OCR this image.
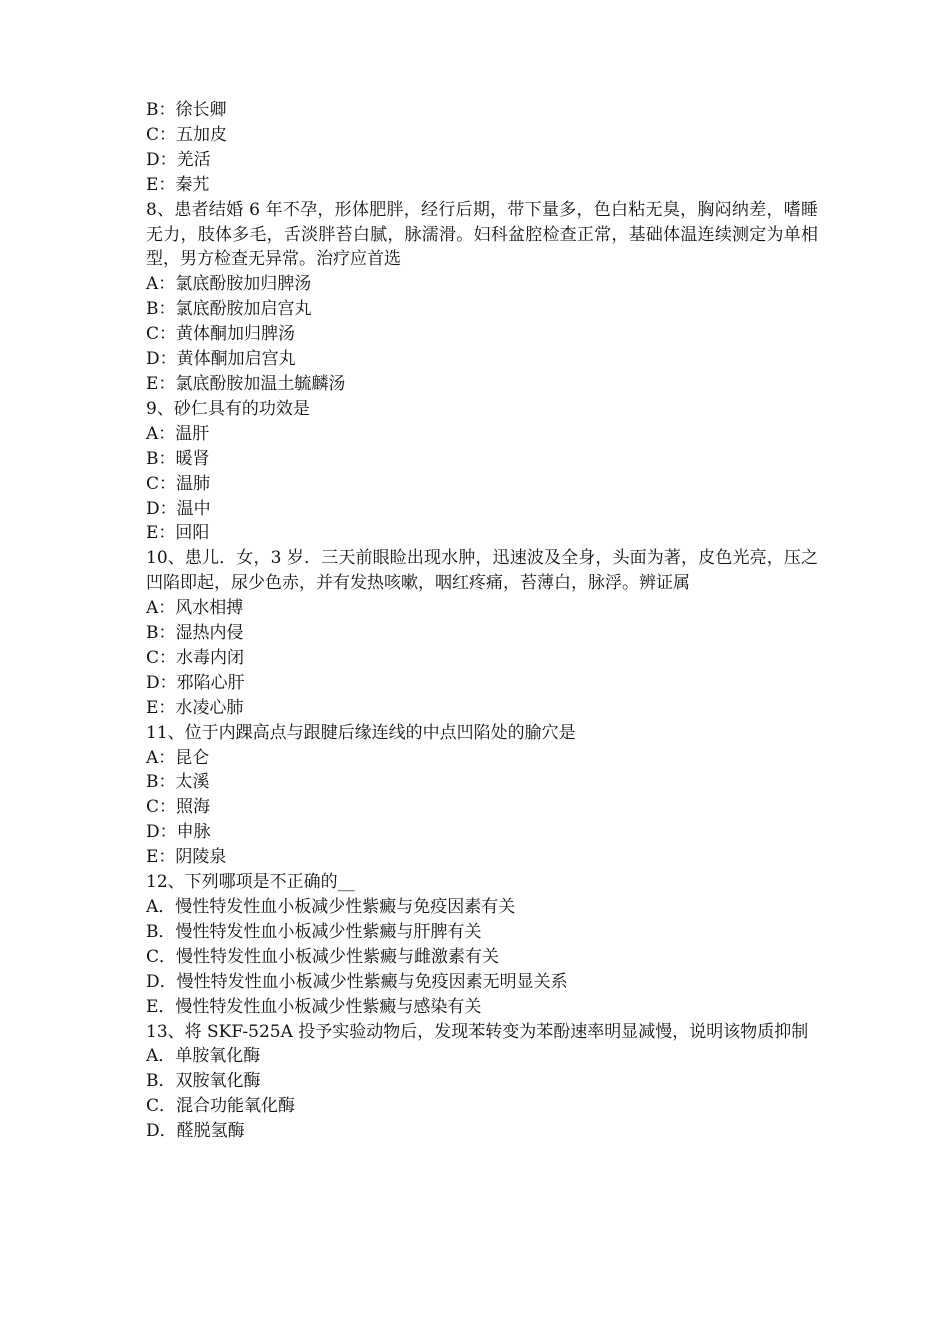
B：徐长卿

C：五加皮

D：羌活

E：秦艽

8、患者结婚 6 年不孕，形体肥胖，经行后期，带下量多，色白粘无臭，胸闷纳差，嗜睡无力，肢体多毛，舌淡胖苔白腻，脉濡滑。妇科盆腔检查正常，基础体温连续测定为单相型，男方检查无异常。治疗应首选

A：氯底酚胺加归脾汤

B：氯底酚胺加启宫丸

C：黄体酮加归脾汤

D：黄体酮加启宫丸

E：氯底酚胺加温土毓麟汤

9、砂仁具有的功效是

A：温肝

B：暖肾

C：温肺

D：温中

E：回阳

10、患儿．女，3 岁．三天前眼睑出现水肿，迅速波及全身，头面为著，皮色光亮，压之凹陷即起，尿少色赤，并有发热咳嗽，咽红疼痛，苔薄白，脉浮。辨证属

A：风水相搏

B：湿热内侵

C：水毒内闭

D：邪陷心肝

E：水凌心肺

11、位于内踝高点与跟腱后缘连线的中点凹陷处的腧穴是

A：昆仑

B：太溪

C：照海

D：申脉

E：阴陵泉

12、下列哪项是不正确的__

A．慢性特发性血小板减少性紫癜与免疫因素有关

B．慢性特发性血小板减少性紫癜与肝脾有关

C．慢性特发性血小板减少性紫癜与雌激素有关

D．慢性特发性血小板减少性紫癜与免疫因素无明显关系

E．慢性特发性血小板减少性紫癜与感染有关

13、将 SKF-525A 投予实验动物后，发现苯转变为苯酚速率明显减慢，说明该物质抑制

A．单胺氧化酶

B．双胺氧化酶

C．混合功能氧化酶

D．醛脱氢酶
